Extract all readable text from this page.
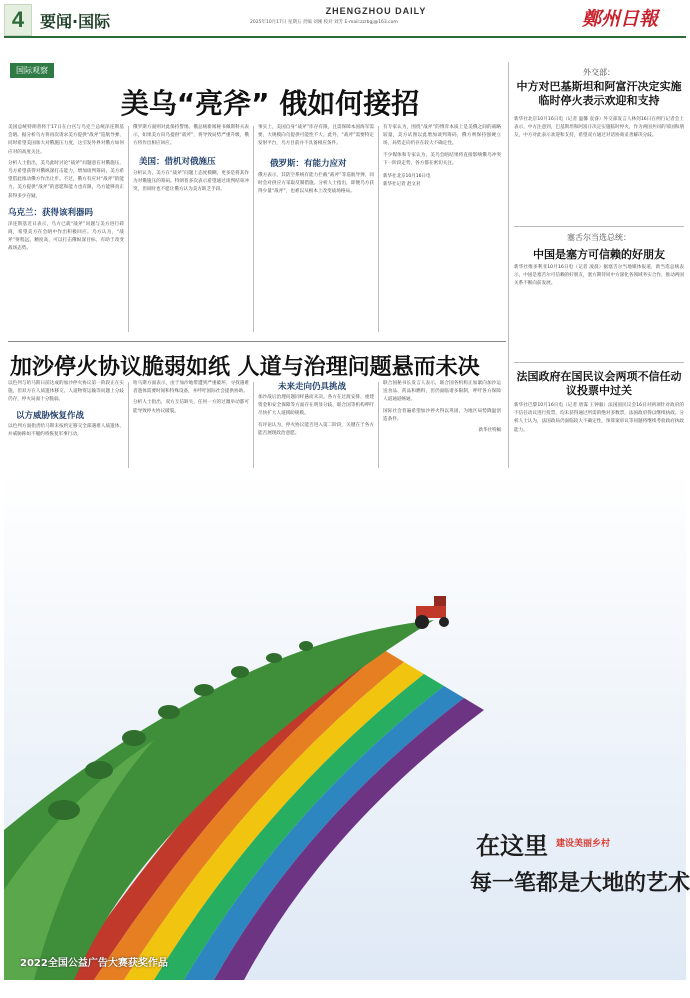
4 要闻·国际
ZHENGZHOU DAILY
2025年10月17日 星期五 责编 刘刚 校对 刘芳 E-mail:zzrbgj@163.com	鄭州日報
国际观察
美乌“亮斧” 俄如何接招
美国总统特朗普将于17日在白宫与乌克兰总统泽连斯基会晤。据分析乌方将再次请求美方提供“战斧”巡航导弹，同时希望美国加大对俄施压力度，这引发外界对俄方如何应对的高度关注。
分析人士指出，美乌此时讨论“战斧”问题意在对俄施压，乌方希望获得对俄纵深打击能力，增加谈判筹码，美方希望借此推动俄方作出让步。不过，俄方有应对“战斧”的能力，美方提供“战斧”的意愿和能力也有限，乌方能够真正获得多少存疑。
乌克兰：获得该利器吗
泽连斯基近日表示，乌方已就“战斧”问题与美方进行磋商，希望美方在会晤中作出积极回应。乌方认为，“战斧”射程远、精度高，可以打击俄纵深目标，有助于改变战场态势。
俄罗斯方面则对此保持警惕。俄总统新闻秘书佩斯科夫表示，如果美方向乌提供“战斧”，将导致局势严重升级，俄方将作出相应回应。
美国：借机对俄施压
分析认为，美方在“战斧”问题上态度模糊，更多是将其作为对俄施压的筹码。特朗普多次表示希望通过谈判结束冲突，但同时也不愿让俄方认为美方缺乏手段。
事实上，美国自身“战斧”库存有限，且需保障本国海军需要，大规模向乌提供可能性不大。此外，“战斧”需要特定发射平台，乌方目前并不具备相应条件。
俄罗斯：有能力应对
俄方表示，其防空系统有能力拦截“战斧”等巡航导弹，同时会对供应方采取反制措施。分析人士指出，即便乌方获得少量“战斧”，也难以从根本上改变战场格局。
有专家认为，围绕“战斧”的博弈本质上是美俄之间的战略较量，美方试图以此增加谈判筹码，俄方则保持强硬立场，局势走向仍存在较大不确定性。
不少媒体和专家认为，美乌会晤结果将直接影响俄乌冲突下一阶段走势，各方都在密切关注。
新华社北京10月16日电
新华社记者 赵文君
加沙停火协议脆弱如纸 人道与治理问题悬而未决
以色列与哈马斯日前达成的加沙停火协议第一阶段正在实施，但双方在人质遗体移交、人道物资运输等问题上分歧仍存，停火局面十分脆弱。
以方威胁恢复作战
以色列方面指责哈马斯未按约定移交全部遇难人质遗体，并威胁称如不履约将恢复军事行动。
哈马斯方面表示，由于加沙地带遭到严重破坏，寻找遇难者遗体需要时间和特殊设备，并呼吁国际社会提供协助。
分析人士指出，双方互信缺失，任何一方的过激举动都可能导致停火协议破裂。
未来走向仍具挑战
加沙战后治理问题同样悬而未决。各方在过渡安排、重建资金和安全保障等方面存在明显分歧，联合国等机构呼吁尽快扩大人道援助规模。
有评论认为，停火协议能否进入第二阶段，关键在于各方能否展现政治意愿。
联合国秘书长发言人表示，联合国各机构正加紧向加沙运送食品、药品和燃料，但仍面临诸多限制，呼吁各方保障人道通道畅通。
国际社会普遍希望加沙停火得以巩固，为地区局势降温创造条件。
新华社特稿
外交部：
中方对巴基斯坦和阿富汗决定实施临时停火表示欢迎和支持
新华社北京10月16日电（记者 温馨 袁睿）外交部发言人林剑16日在例行记者会上表示，中方注意到，巴基斯坦和阿富汗决定实施临时停火，作为两国共同的邻国和朋友，中方对此表示欢迎和支持，希望双方通过对话协商妥善解决分歧。
塞舌尔当选总统：
中国是塞方可信赖的好朋友
新华社维多利亚10月16日电（记者 凌晨）据塞舌尔当地媒体报道，新当选总统表示，中国是塞舌尔可信赖的好朋友，塞方期待同中方深化各领域务实合作，推动两国关系不断向前发展。
法国政府在国民议会两项不信任动议投票中过关
新华社巴黎10月16日电（记者 唐霁 王钟毅）法国国民议会16日对两项针对政府的不信任动议进行投票，均未获得通过所需的绝对多数票，法国政府得以继续执政。分析人士认为，法国政局仍面临较大不确定性，预算案审议等问题将继续考验政府执政能力。
2022全国公益广告大赛获奖作品
在这里 建设美丽乡村
每一笔都是大地的艺术
